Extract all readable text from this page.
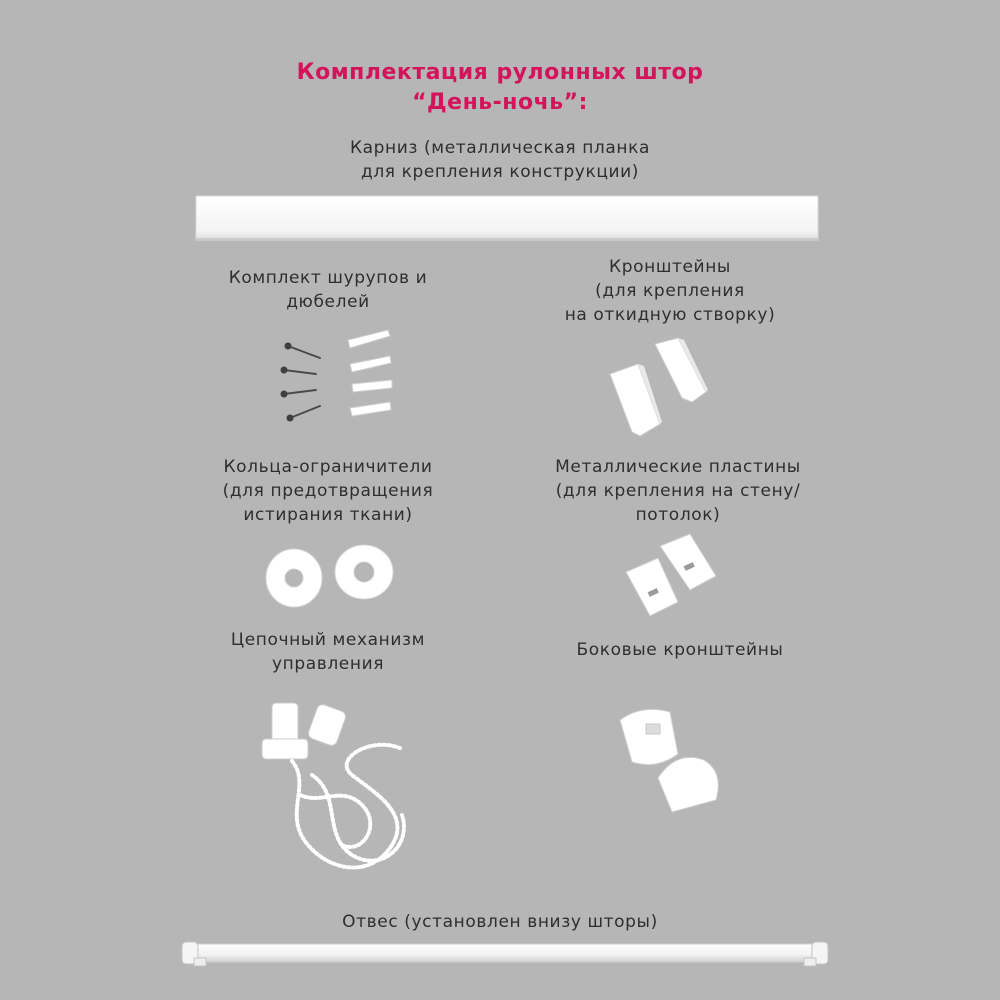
Комплектация рулонных штор
“День-ночь”:
Карниз (металлическая планка
для крепления конструкции)
Комплект шурупов и
дюбелей
Кронштейны
(для крепления
на откидную створку)
Кольца-ограничители
(для предотвращения
истирания ткани)
Металлические пластины
(для крепления на стену/
потолок)
Цепочный механизм
управления
Боковые кронштейны
Отвес (установлен внизу шторы)
